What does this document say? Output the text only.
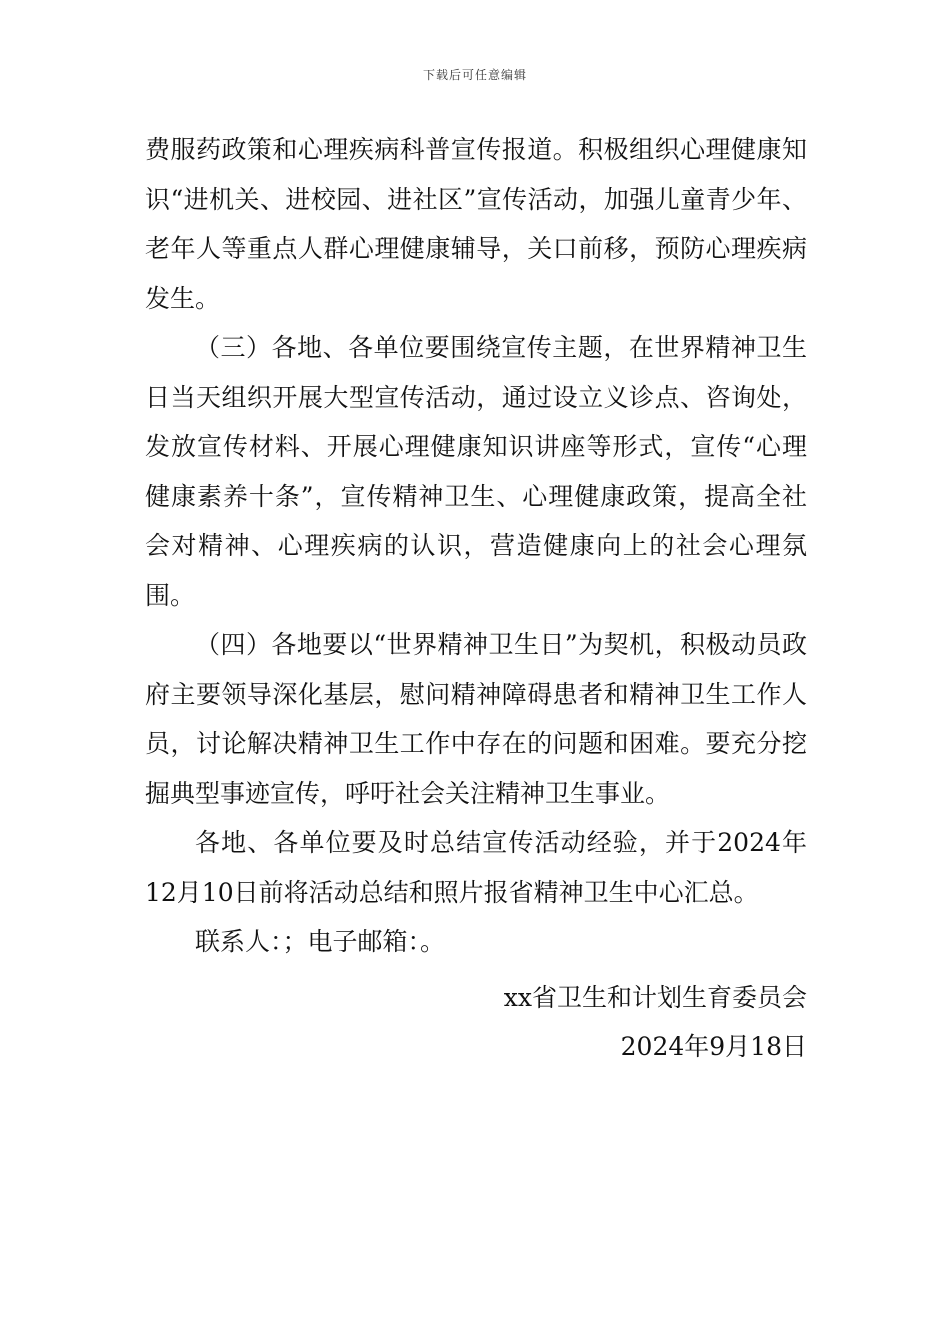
下载后可任意编辑

费服药政策和心理疾病科普宣传报道。积极组织心理健康知识“进机关、进校园、进社区”宣传活动，加强儿童青少年、老年人等重点人群心理健康辅导，关口前移，预防心理疾病发生。

（三）各地、各单位要围绕宣传主题，在世界精神卫生日当天组织开展大型宣传活动，通过设立义诊点、咨询处，发放宣传材料、开展心理健康知识讲座等形式，宣传“心理健康素养十条”，宣传精神卫生、心理健康政策，提高全社会对精神、心理疾病的认识，营造健康向上的社会心理氛围。

（四）各地要以“世界精神卫生日”为契机，积极动员政府主要领导深化基层，慰问精神障碍患者和精神卫生工作人员，讨论解决精神卫生工作中存在的问题和困难。要充分挖掘典型事迹宣传，呼吁社会关注精神卫生事业。

各地、各单位要及时总结宣传活动经验，并于2024年12月10日前将活动总结和照片报省精神卫生中心汇总。

联系人：；电子邮箱：。

xx省卫生和计划生育委员会
2024年9月18日
